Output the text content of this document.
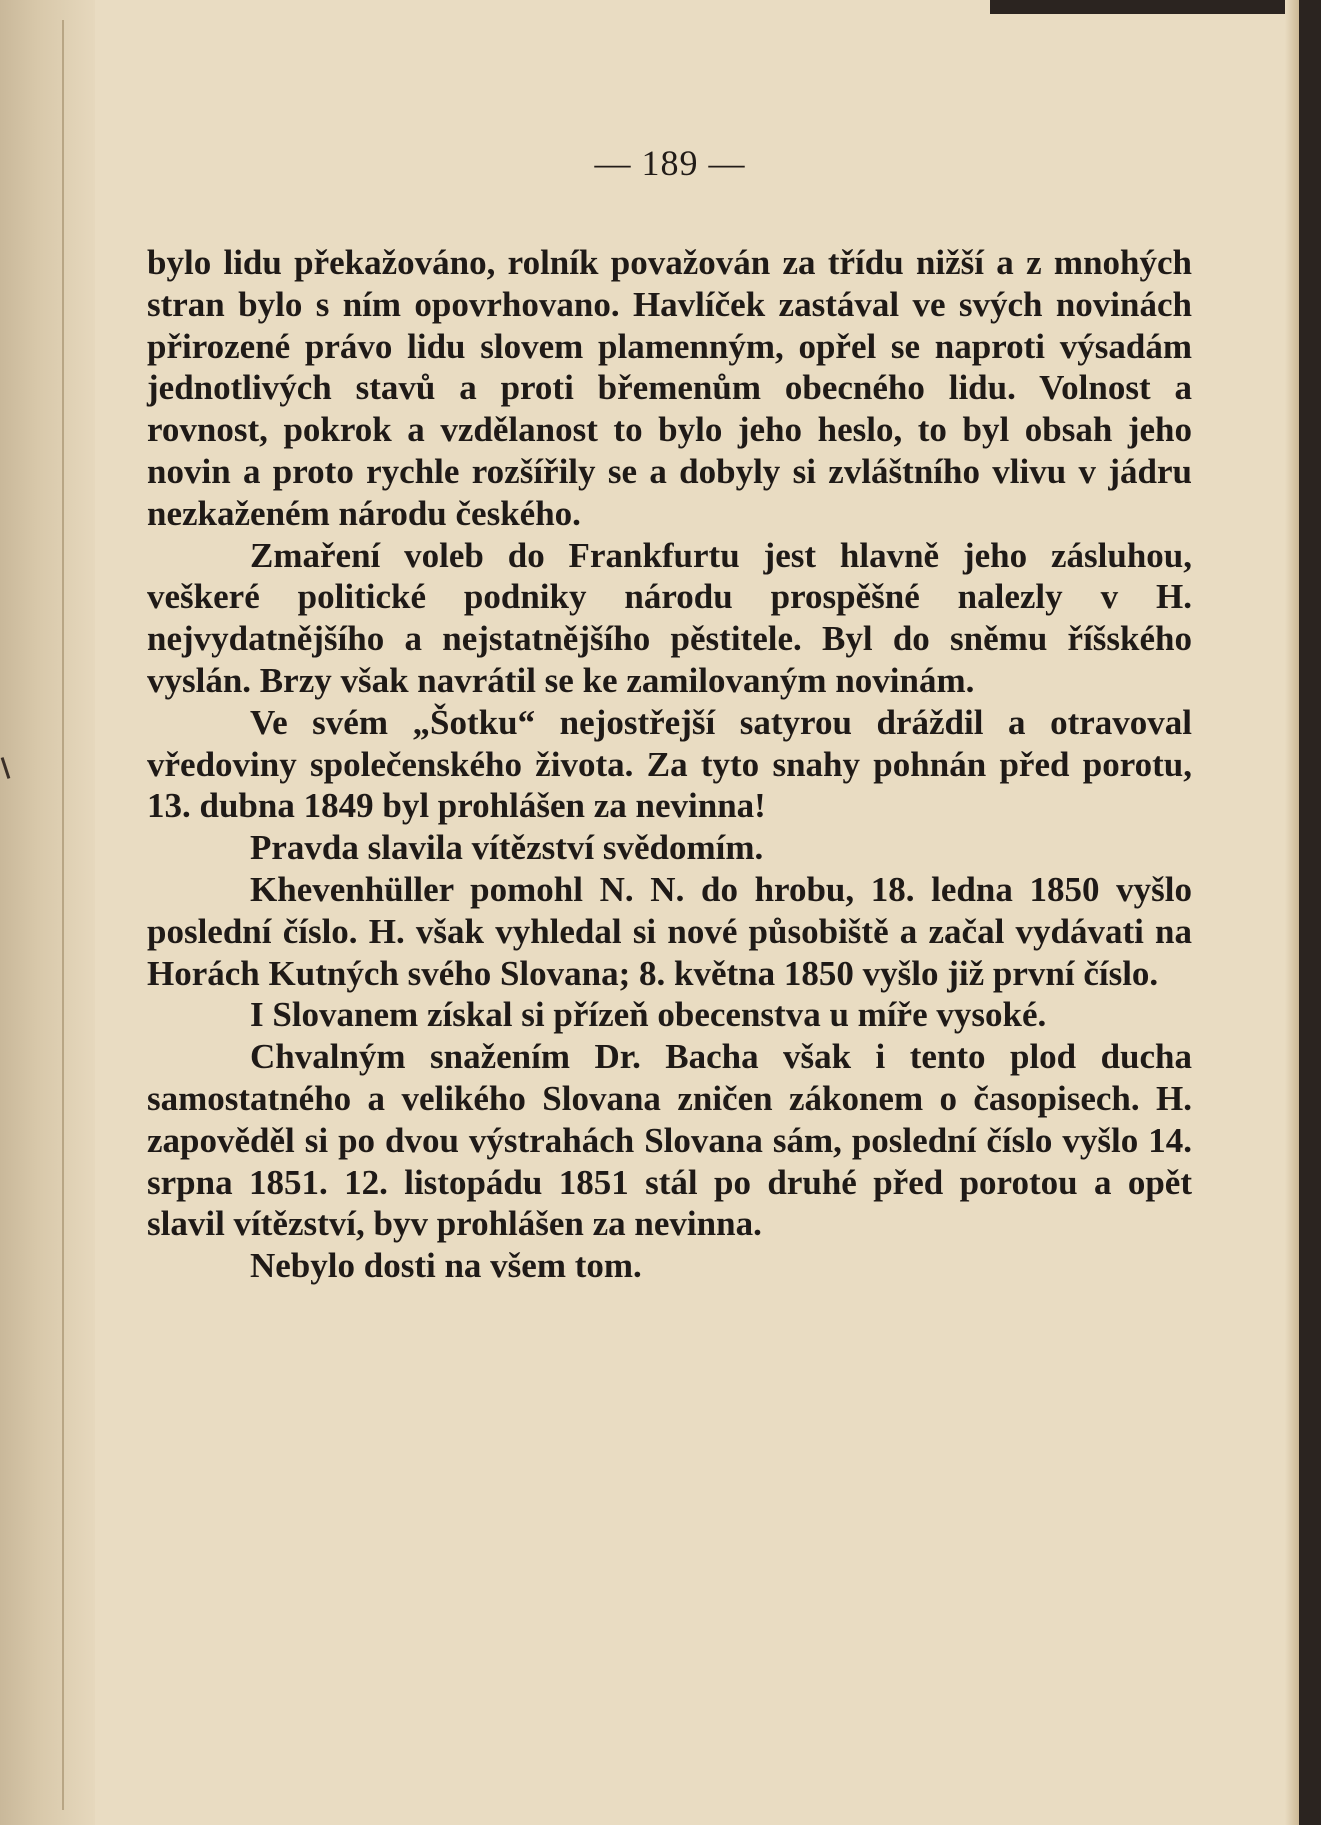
— 189 —

bylo lidu překažováno, rolník považován za třídu nižší a z mnohých stran bylo s ním opovrhovano. Havlíček zastával ve svých novinách přirozené právo lidu slovem plamenným, opřel se naproti výsadám jednotlivých stavů a proti břemenům obecného lidu. Volnost a rovnost, pokrok a vzdělanost to bylo jeho heslo, to byl obsah jeho novin a proto rychle rozšířily se a dobyly si zvláštního vlivu v jádru nezkaženém národu českého.

Zmaření voleb do Frankfurtu jest hlavně jeho zásluhou, veškeré politické podniky národu prospěšné nalezly v H. nejvydatnějšího a nejstatnějšího pěstitele. Byl do sněmu říšského vyslán. Brzy však navrátil se ke zamilovaným novinám.

Ve svém „Šotku“ nejostřejší satyrou dráždil a otravoval vředoviny společenského života. Za tyto snahy pohnán před porotu, 13. dubna 1849 byl prohlášen za nevinna!

Pravda slavila vítězství svědomím.

Khevenhüller pomohl N. N. do hrobu, 18. ledna 1850 vyšlo poslední číslo. H. však vyhledal si nové působiště a začal vydávati na Horách Kutných svého Slovana; 8. května 1850 vyšlo již první číslo.

I Slovanem získal si přízeň obecenstva u míře vysoké.

Chvalným snažením Dr. Bacha však i tento plod ducha samostatného a velikého Slovana zničen zákonem o časopisech. H. zapověděl si po dvou výstrahách Slovana sám, poslední číslo vyšlo 14. srpna 1851. 12. listopádu 1851 stál po druhé před porotou a opět slavil vítězství, byv prohlášen za nevinna.

Nebylo dosti na všem tom.
